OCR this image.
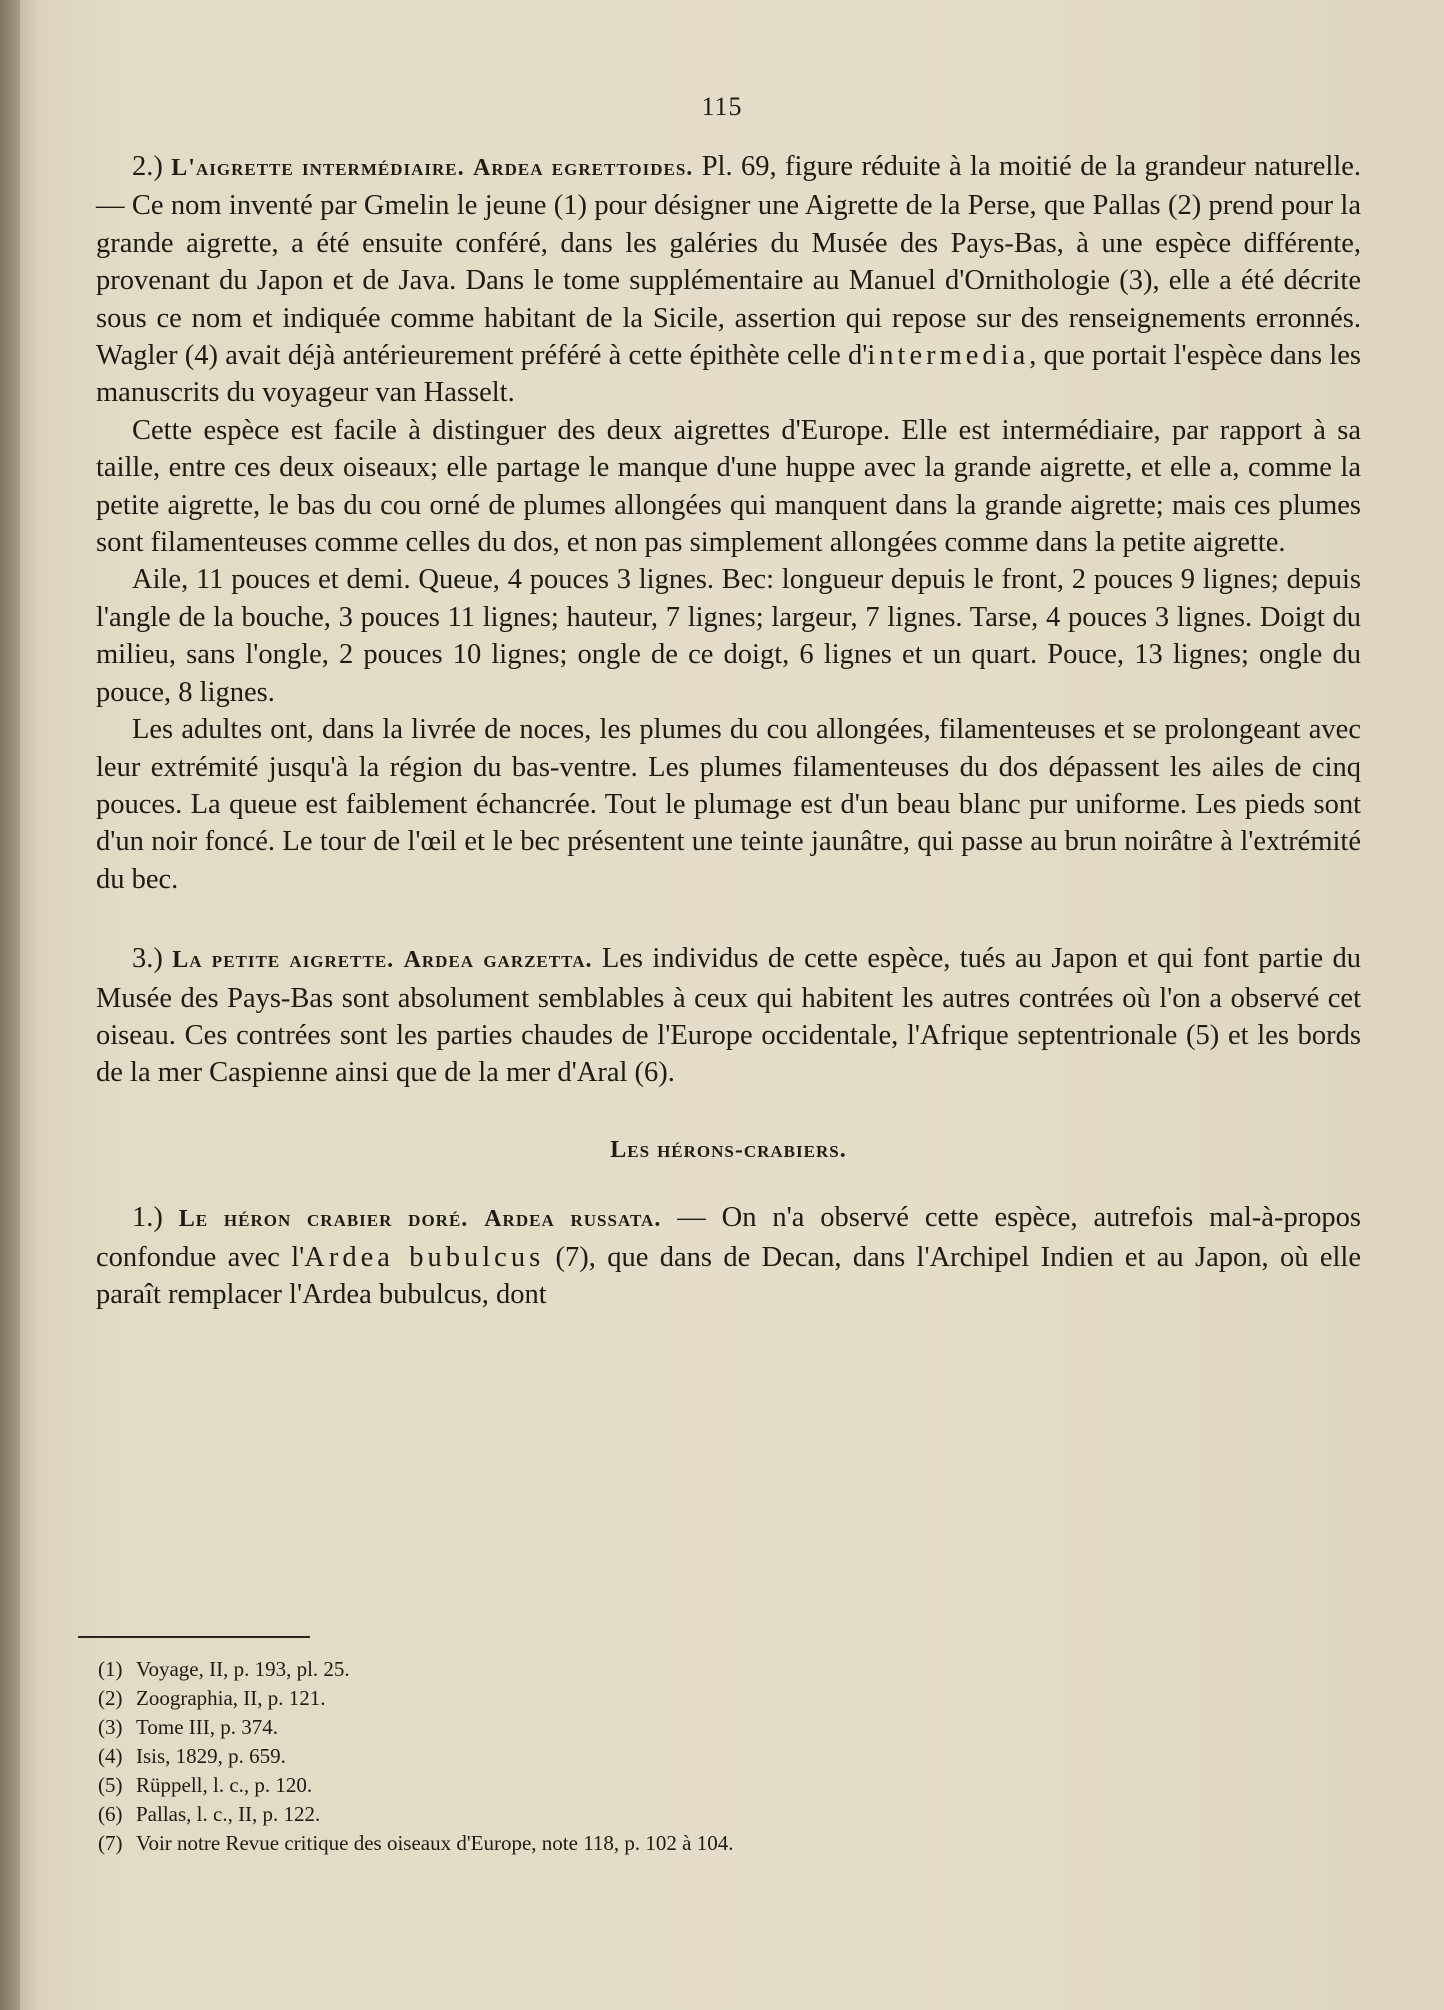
115

2.) L'aigrette intermédiaire. Ardea egrettoides. Pl. 69, figure réduite à la moitié de la grandeur naturelle. — Ce nom inventé par Gmelin le jeune (1) pour désigner une Aigrette de la Perse, que Pallas (2) prend pour la grande aigrette, a été ensuite conféré, dans les galéries du Musée des Pays-Bas, à une espèce différente, provenant du Japon et de Java. Dans le tome supplémentaire au Manuel d'Ornithologie (3), elle a été décrite sous ce nom et indiquée comme habitant de la Sicile, assertion qui repose sur des renseignements erronnés. Wagler (4) avait déjà antérieurement préféré à cette épithète celle d'intermedia, que portait l'espèce dans les manuscrits du voyageur van Hasselt.

Cette espèce est facile à distinguer des deux aigrettes d'Europe. Elle est intermédiaire, par rapport à sa taille, entre ces deux oiseaux; elle partage le manque d'une huppe avec la grande aigrette, et elle a, comme la petite aigrette, le bas du cou orné de plumes allongées qui manquent dans la grande aigrette; mais ces plumes sont filamenteuses comme celles du dos, et non pas simplement allongées comme dans la petite aigrette.

Aile, 11 pouces et demi. Queue, 4 pouces 3 lignes. Bec: longueur depuis le front, 2 pouces 9 lignes; depuis l'angle de la bouche, 3 pouces 11 lignes; hauteur, 7 lignes; largeur, 7 lignes. Tarse, 4 pouces 3 lignes. Doigt du milieu, sans l'ongle, 2 pouces 10 lignes; ongle de ce doigt, 6 lignes et un quart. Pouce, 13 lignes; ongle du pouce, 8 lignes.

Les adultes ont, dans la livrée de noces, les plumes du cou allongées, filamenteuses et se prolongeant avec leur extrémité jusqu'à la région du bas-ventre. Les plumes filamenteuses du dos dépassent les ailes de cinq pouces. La queue est faiblement échancrée. Tout le plumage est d'un beau blanc pur uniforme. Les pieds sont d'un noir foncé. Le tour de l'œil et le bec présentent une teinte jaunâtre, qui passe au brun noirâtre à l'extrémité du bec.

3.) La petite aigrette. Ardea garzetta. Les individus de cette espèce, tués au Japon et qui font partie du Musée des Pays-Bas sont absolument semblables à ceux qui habitent les autres contrées où l'on a observé cet oiseau. Ces contrées sont les parties chaudes de l'Europe occidentale, l'Afrique septentrionale (5) et les bords de la mer Caspienne ainsi que de la mer d'Aral (6).

Les hérons-crabiers.

1.) Le héron crabier doré. Ardea russata. — On n'a observé cette espèce, autrefois mal-à-propos confondue avec l'Ardea bubulcus (7), que dans de Decan, dans l'Archipel Indien et au Japon, où elle paraît remplacer l'Ardea bubulcus, dont

(1) Voyage, II, p. 193, pl. 25.
(2) Zoographia, II, p. 121.
(3) Tome III, p. 374.
(4) Isis, 1829, p. 659.
(5) Rüppell, l. c., p. 120.
(6) Pallas, l. c., II, p. 122.
(7) Voir notre Revue critique des oiseaux d'Europe, note 118, p. 102 à 104.
